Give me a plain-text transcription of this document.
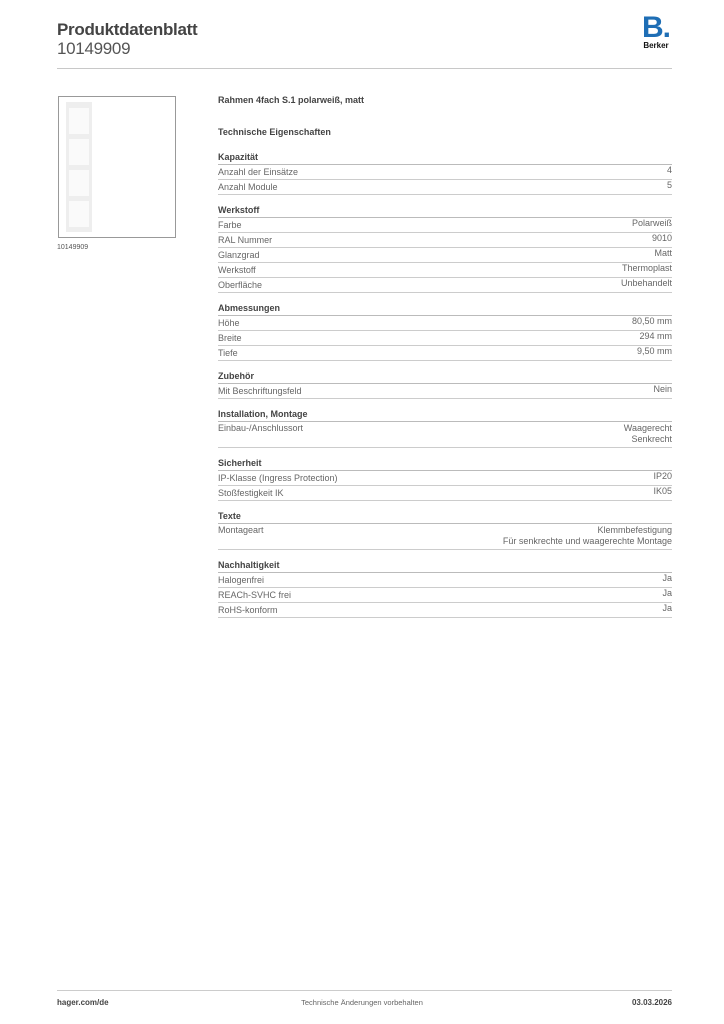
Produktdatenblatt
10149909
B.
Berker
10149909
Rahmen 4fach S.1 polarweiß, matt
Technische Eigenschaften
Kapazität
Anzahl der Einsätze	4
Anzahl Module	5
Werkstoff
Farbe	Polarweiß
RAL Nummer	9010
Glanzgrad	Matt
Werkstoff	Thermoplast
Oberfläche	Unbehandelt
Abmessungen
Höhe	80,50 mm
Breite	294 mm
Tiefe	9,50 mm
Zubehör
Mit Beschriftungsfeld	Nein
Installation, Montage
Einbau-/Anschlussort	Waagerecht
Senkrecht
Sicherheit
IP-Klasse (Ingress Protection)	IP20
Stoßfestigkeit IK	IK05
Texte
Montageart	Klemmbefestigung
Für senkrechte und waagerechte Montage
Nachhaltigkeit
Halogenfrei	Ja
REACh-SVHC frei	Ja
RoHS-konform	Ja
hager.com/de	Technische Änderungen vorbehalten	03.03.2026
